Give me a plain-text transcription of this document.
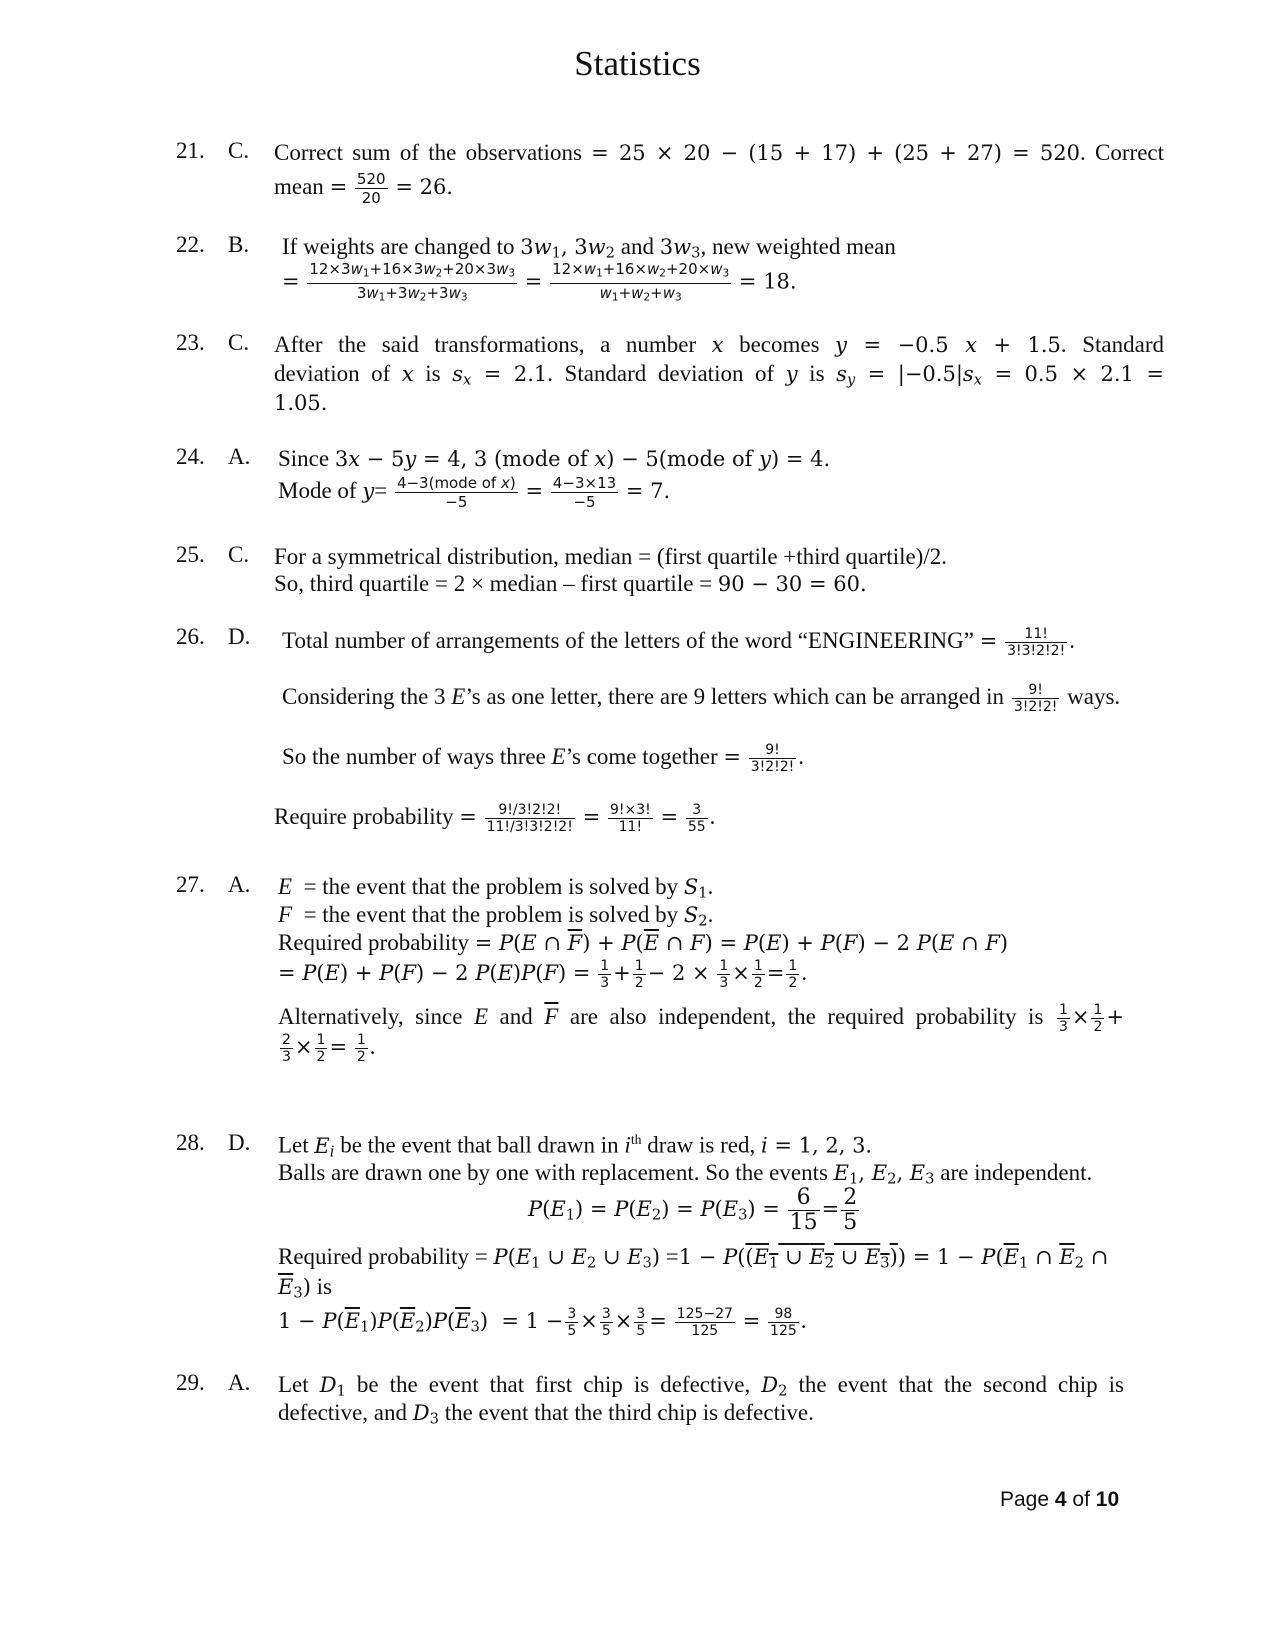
Statistics
21. C. Correct sum of the observations = 25 × 20 − (15 + 17) + (25 + 27) = 520. Correct
mean = $\frac{520}{20} = 26$.
22. B. If weights are changed to $3w_1$, $3w_2$ and $3w_3$, new weighted mean
= $\frac{12\times 3w_1+16\times 3w_2+20\times 3w_3}{3w_1+3w_2+3w_3} = \frac{12\times w_1+16\times w_2+20\times w_3}{w_1+w_2+w_3} = 18$.
23. C. After the said transformations, a number x becomes y = −0.5 x + 1.5. Standard
deviation of x is $s_x = 2.1$. Standard deviation of y is $s_y = |-0.5|s_x = 0.5 \times 2.1$ =
1.05.
24. A. Since 3x − 5y = 4, 3 (mode of x) − 5(mode of y) = 4.
Mode of $y= \frac{\text{4−3(mode of x)}}{-5} = \frac{4-3\times 13}{-5} = 7$.
25. C. For a symmetrical distribution, median = (first quartile +third quartile)/2.
So, third quartile = 2 × median – first quartile = 90 − 30 = 60.
26. D. Total number of arrangements of the letters of the word “ENGINEERING” = $\frac{11!}{3!3!2!2!}$ .
Considering the 3 E’s as one letter, there are 9 letters which can be arranged in $\frac{9!}{3!2!2!}$ ways.
So the number of ways three E’s come together = $\frac{9!}{3!2!2!}$ .
Require probability = $\frac{9!/3!2!2!}{11!/3!3!2!2!} = \frac{9!\times 3!}{11!} = \frac{3}{55}$ .
27. A. E  = the event that the problem is solved by $S_1$.
F  = the event that the problem is solved by $S_2$.
Required probability = P(E ∩ $\overline{F}) + P(\overline{E}$ ∩ F) = P(E) + P(F) − 2 P(E ∩ F)
= P(E) + P(F) − 2 $P(E)P(F) = \frac{1}{3} + \frac{1}{2} - 2 \times \frac{1}{3} \times \frac{1}{2} = \frac{1}{2}$ .
Alternatively, since E and $\overline{F}$ are also independent, the required probability is $\frac{1}{3} \times \frac{1}{2}$ +
$\frac{2}{3} \times \frac{1}{2} = \frac{1}{2}$ .
28. D. Let $E_i$ be the event that ball drawn in $i^{th}$ draw is red, i = 1, 2, 3.
Balls are drawn one by one with replacement. So the events $E_1$, $E_2$, $E_3$ are independent.
$P(E_1) = P(E_2) = P(E_3) = \frac{6}{15} = \frac{2}{5}$
Required probability = $P(E_1$ ∪ $E_2$ ∪ $E_3) =1 - P((E_1$ ∪ $E_2$ ∪ $E_3)) = 1 - P(\overline{E}_1$ ∩ $\overline{E}_2$ ∩
$\overline{E}_3$) is
$1 - P(\overline{E}_1)P(\overline{E}_2)P(\overline{E}_3) = 1 - \frac{3}{5} \times \frac{3}{5} \times \frac{3}{5} = \frac{125-27}{125} = \frac{98}{125}$ .
29. A. Let $D_1$ be the event that first chip is defective, $D_2$ the event that the second chip is
defective, and $D_3$ the event that the third chip is defective.
Page 4 of 10
